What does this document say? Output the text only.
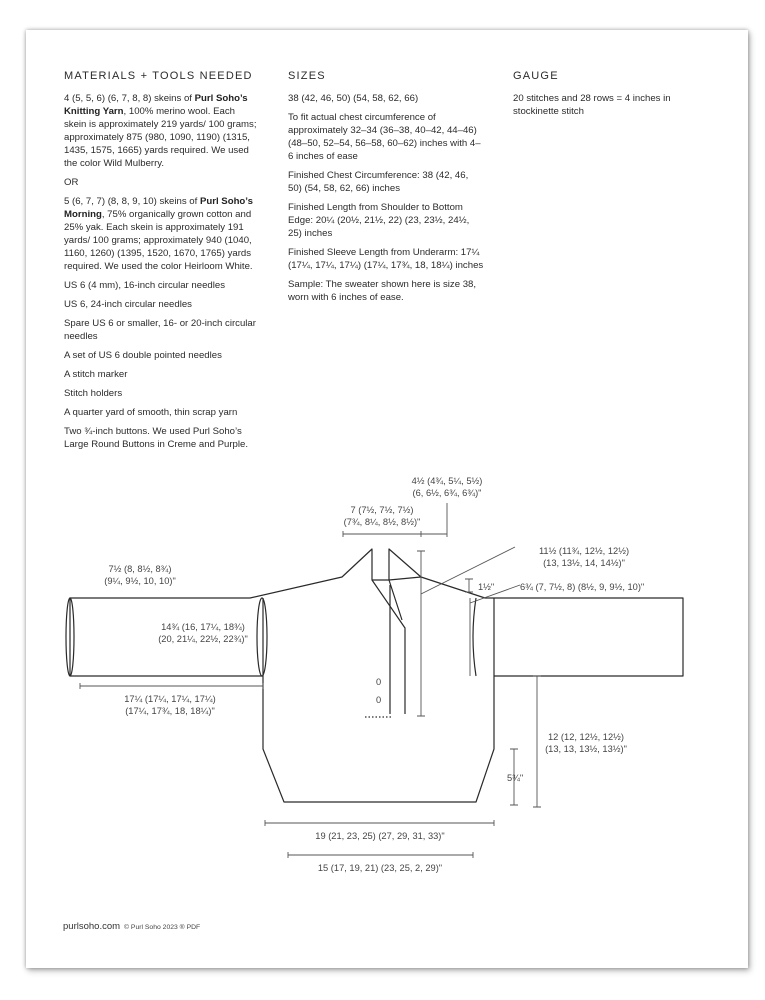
MATERIALS + TOOLS NEEDED

4 (5, 5, 6) (6, 7, 8, 8) skeins of Purl Soho’s Knitting Yarn, 100% merino wool. Each skein is approximately 219 yards/ 100 grams; approximately 875 (980, 1090, 1190) (1315, 1435, 1575, 1665) yards required. We used the color Wild Mulberry.

OR

5 (6, 7, 7) (8, 8, 9, 10) skeins of Purl Soho’s Morning, 75% organically grown cotton and 25% yak. Each skein is approximately 191 yards/ 100 grams; approximately 940 (1040, 1160, 1260) (1395, 1520, 1670, 1765) yards required. We used the color Heirloom White.

US 6 (4 mm), 16-inch circular needles

US 6, 24-inch circular needles

Spare US 6 or smaller, 16- or 20-inch circular needles

A set of US 6 double pointed needles

A stitch marker

Stitch holders

A quarter yard of smooth, thin scrap yarn

Two ¾-inch buttons. We used Purl Soho’s Large Round Buttons in Creme and Purple.

SIZES

38 (42, 46, 50) (54, 58, 62, 66)

To fit actual chest circumference of approximately 32–34 (36–38, 40–42, 44–46) (48–50, 52–54, 56–58, 60–62) inches with 4–6 inches of ease

Finished Chest Circumference: 38 (42, 46, 50) (54, 58, 62, 66) inches

Finished Length from Shoulder to Bottom Edge: 20¼ (20½, 21½, 22) (23, 23½, 24½, 25) inches

Finished Sleeve Length from Underarm: 17¼ (17¼, 17¼, 17¼) (17¼, 17¾, 18, 18¼) inches

Sample: The sweater shown here is size 38, worn with 6 inches of ease.

GAUGE

20 stitches and 28 rows = 4 inches in stockinette stitch

0
0
4½ (4¾, 5¼, 5½) (6, 6½, 6¾, 6¾)"
7 (7½, 7½, 7½) (7¾, 8¼, 8½, 8½)"
11½ (11¾, 12½, 12½) (13, 13½, 14, 14½)"
1½"	6¾ (7, 7½, 8) (8½, 9, 9½, 10)"
7½ (8, 8½, 8¾) (9¼, 9½, 10, 10)"
14¾ (16, 17¼, 18¾) (20, 21¼, 22½, 22¾)"
17¼ (17¼, 17¼, 17¼) (17¼, 17¾, 18, 18¼)"
12 (12, 12½, 12½) (13, 13, 13½, 13½)"
5¾"
19 (21, 23, 25) (27, 29, 31, 33)"
15 (17, 19, 21) (23, 25, 2, 29)"
purlsoho.com © Purl Soho 2023 ® PDF
